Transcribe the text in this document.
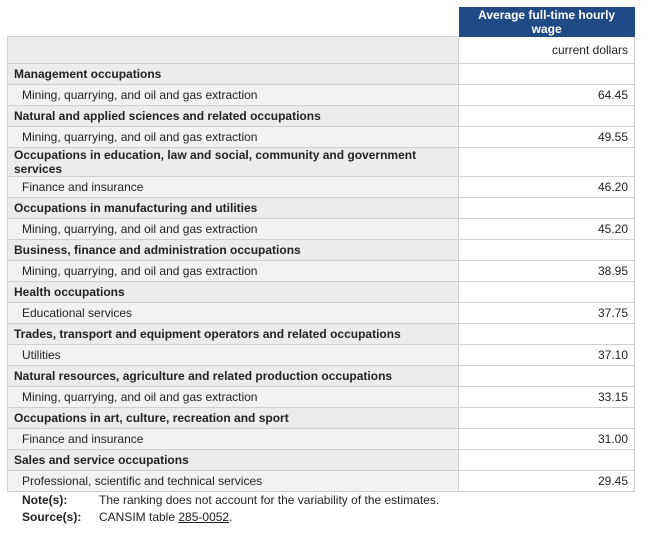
	Average full-time hourly wage
	current dollars
Management occupations	
Mining, quarrying, and oil and gas extraction	64.45
Natural and applied sciences and related occupations	
Mining, quarrying, and oil and gas extraction	49.55
Occupations in education, law and social, community and government services	
Finance and insurance	46.20
Occupations in manufacturing and utilities	
Mining, quarrying, and oil and gas extraction	45.20
Business, finance and administration occupations	
Mining, quarrying, and oil and gas extraction	38.95
Health occupations	
Educational services	37.75
Trades, transport and equipment operators and related occupations	
Utilities	37.10
Natural resources, agriculture and related production occupations	
Mining, quarrying, and oil and gas extraction	33.15
Occupations in art, culture, recreation and sport	
Finance and insurance	31.00
Sales and service occupations	
Professional, scientific and technical services	29.45
Note(s):	The ranking does not account for the variability of the estimates.
Source(s): CANSIM table 285-0052.
